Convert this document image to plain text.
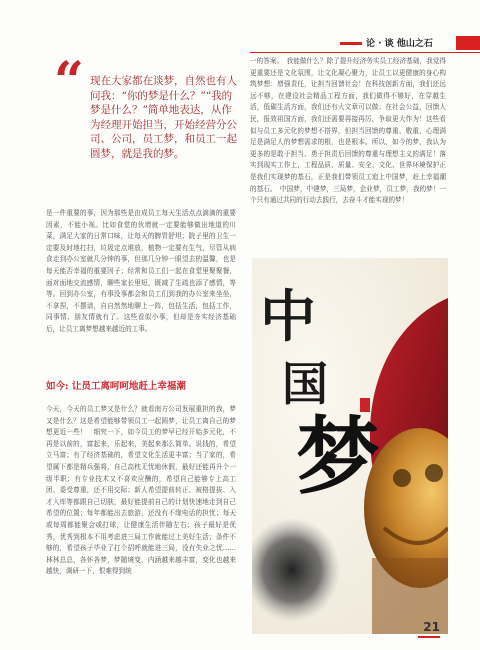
论 · 谈 他山之石
“ 现在大家都在谈梦，自然也有人问我：“你的梦是什么？”“我的梦是什么？”简单地表达，从作为经理开始担当，开始经营分公司、公司，员工梦，和员工一起圆梦，就是我的梦。

是一件重要的事，因为那些是由成员工每天生活点点滴滴的重要因素，不能小视。比如食堂的伙增就一定要能够做出地道的川菜，满足大家的日常口味，让每天的脾胃舒坦；院子里的卫生一定要及时地打扫，垃圾定点堆放，植物一定要有生气，尽管从病食走到办公室就几分钟的事，但那几分钟一眼望去的温馨，也是每天能否幸福的重要因子；经常和员工们一起在食堂里聚聚餐，面对面地交流感情，聊些家长里短，既减了生疏也添了感情，等等。回到办公室，有事没事都会和员工们到我的办公室来坐坐，不拿捏，不摆谱，自自然然地聊上一阵，包括生活，包括工作，同事情、朋友情就有了。这些看似小事，但却是夯实经济基础后，让员工离梦想越来越近的工事。

如今: 让员工离呵呵地赶上幸福潮

今天，今天的员工梦又是什么？就看南方公司发展重担的我，梦又是什么？这是希望能够带领员工一起圆梦，让员工离自己的梦想更近一些！　细究一下，如今员工的梦早已经开始多元化，不再是以前的，富起来，乐起来，美起来那么简单。说钱的，希望立马富；有了经济基础的，希望文化生活更丰富；当了家的，希望属下都是精兵强将，自己高枕无忧地休假，最好还能再升个一级半职；有专业技术又不喜欢应酬的，希望自己能够专上高工团、委受尊重，还不用交际；新人希望提前转正、被格提拔、入才入库等都跟自己切肤，最好能提前自己的计划快速地走到自己希望的位置；每年都能出去旅游，还没有不缘电话的担忧；每天或每周都能聚会或打球，让健康生活伴随左右；孩子最好是优秀，优秀到根本不用考虑进三局工作就能过上美好生活；条件不够的，希望孩子毕业了打个招呼就能进三局，没有失业之忧……林林总总，各怀各梦，梦随境变，内涵越来越丰富，变化也越来越快，调研一下，恨难得到统

一的答案。　我能做什么？除了提升经济务实员工经济基础，我觉得更重要还是文化氛围，让文化凝心聚力，让员工以更健康的身心构筑梦想：增强责任，让担当回馈社会！在科技创新方面，我们还远远不够，在建设社会精品工程方面，我们做得不够好，在穿越生活，低碳生活方面，我们还有大文章可以做；在社会公益，回馈人民，报效祖国方面，我们还需要再接再厉，争取更大作为！这些看似与员工多元化的梦想不搭界，但担当回馈的尊重、敬重、心理满足是满足人的梦想需求的根，也是根本。所以，如今的梦，我认为更多的是敢于担当、勇于担责后回馈的尊重与理想主义的满足！落实到现实工作上，工程品质、质量、安全、文化、世界环境保护正是我们实现梦的基石，正是我们带领员工追上中国梦，赶上幸福潮的基石。　中国梦，中建梦，三局梦，企业梦，员工梦，我的梦！一个只有通过共同的行动去践行，去奋斗才能实现的梦！

中
国
梦
21
